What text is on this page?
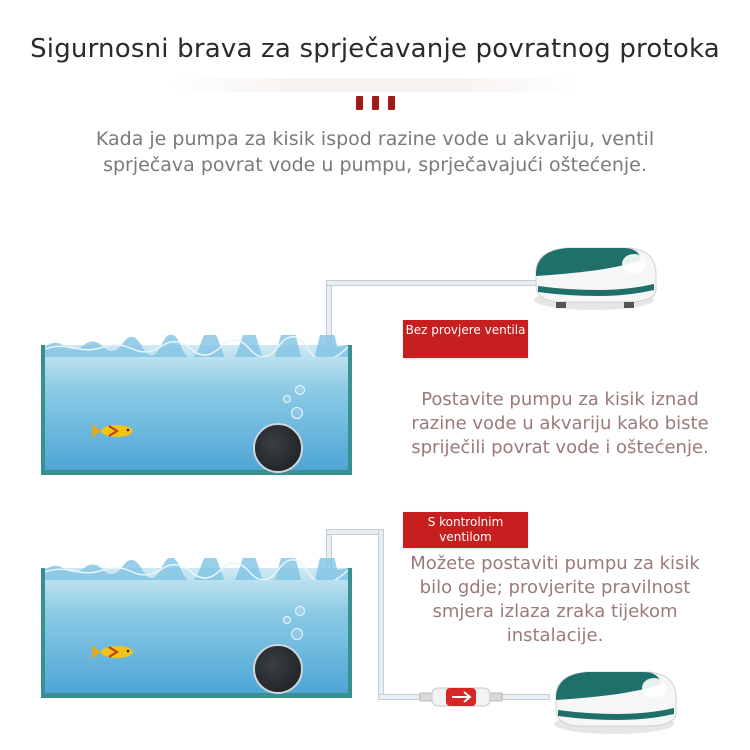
Sigurnosni brava za sprječavanje povratnog protoka
Kada je pumpa za kisik ispod razine vode u akvariju, ventil sprječava povrat vode u pumpu, sprječavajući oštećenje.
Bez provjere ventila
Postavite pumpu za kisik iznad razine vode u akvariju kako biste spriječili povrat vode i oštećenje.
S kontrolnim ventilom
Možete postaviti pumpu za kisik bilo gdje; provjerite pravilnost smjera izlaza zraka tijekom instalacije.
